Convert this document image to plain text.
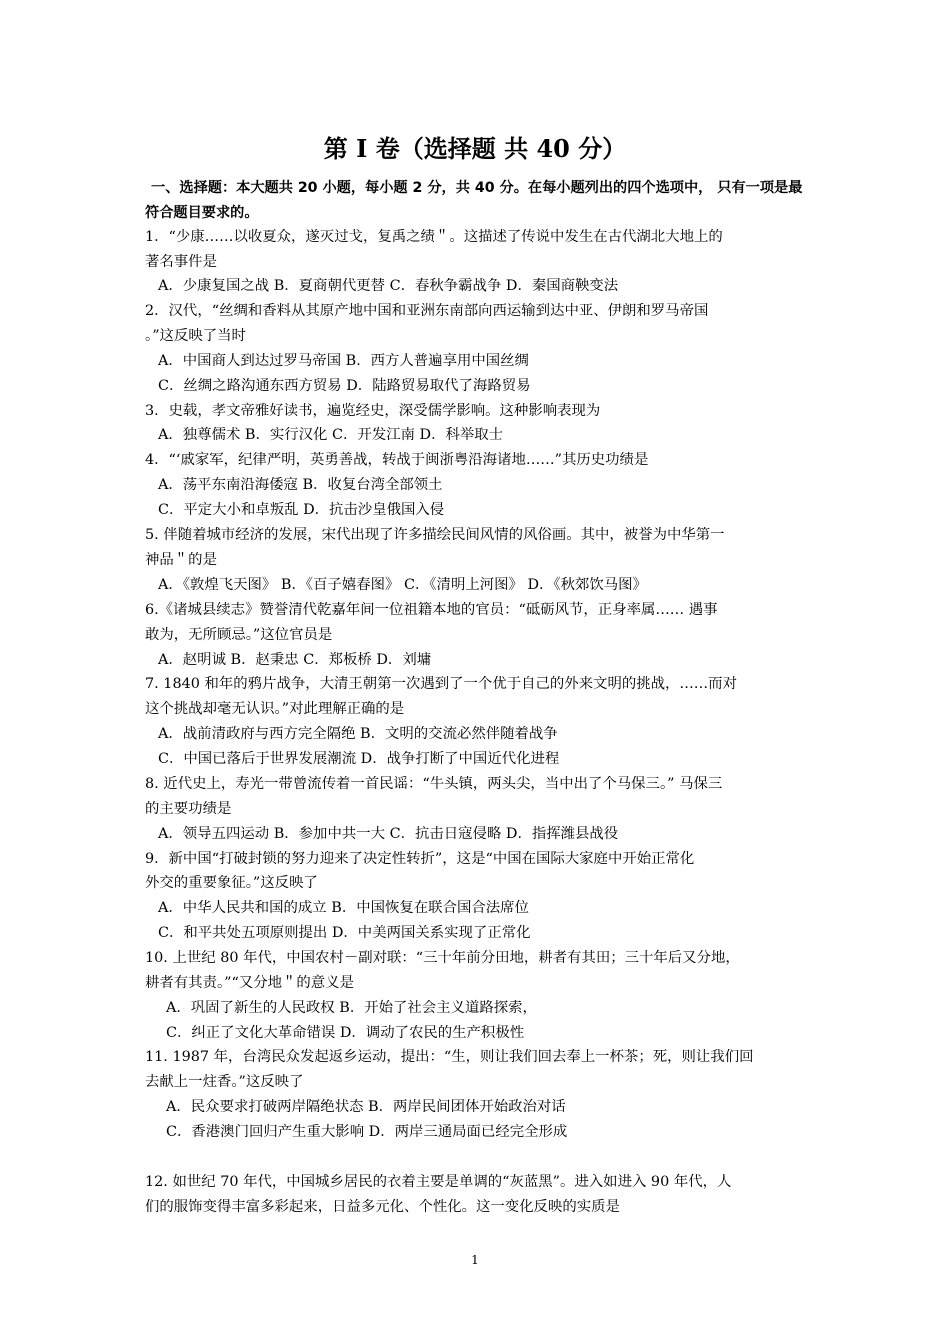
第 I 卷（选择题 共 40 分）
一、选择题：本大题共 20 小题，每小题 2 分，共 40 分。在每小题列出的四个选项中， 只有一项是最符合题目要求的。
1．“少康……以收夏众，遂灭过戈，复禹之绩＂。这描述了传说中发生在古代湖北大地上的
著名事件是
A．少康复国之战 B．夏商朝代更替 C．春秋争霸战争 D．秦国商鞅变法
2．汉代，“丝绸和香料从其原产地中国和亚洲东南部向西运输到达中亚、伊朗和罗马帝国
。”这反映了当时
A．中国商人到达过罗马帝国 B．西方人普遍享用中国丝绸
C．丝绸之路沟通东西方贸易 D．陆路贸易取代了海路贸易
3．史载，孝文帝雅好读书，遍览经史，深受儒学影响。这种影响表现为
A．独尊儒术 B．实行汉化 C．开发江南 D．科举取士
4．“‘戚家军，纪律严明，英勇善战，转战于闽浙粤沿海诸地……”其历史功绩是
A．荡平东南沿海倭寇 B．收复台湾全部领土
C．平定大小和卓叛乱 D．抗击沙皇俄国入侵
5. 伴随着城市经济的发展，宋代出现了许多描绘民间风情的风俗画。其中，被誉为中华第一
神品＂的是
A．《敦煌飞天图》 B．《百子嬉春图》 C．《清明上河图》 D．《秋郊饮马图》
6.《诸城县续志》赞誉清代乾嘉年间一位祖籍本地的官员：“砥砺风节，正身率属…… 遇事
敢为，无所顾忌。”这位官员是
A．赵明诚 B．赵秉忠 C．郑板桥 D．刘墉
7. 1840 和年的鸦片战争，大清王朝第一次遇到了一个优于自己的外来文明的挑战，……而对
这个挑战却毫无认识。”对此理解正确的是
A．战前清政府与西方完全隔绝 B．文明的交流必然伴随着战争
C．中国已落后于世界发展潮流 D．战争打断了中国近代化进程
8. 近代史上，寿光一带曾流传着一首民谣：“牛头镇，两头尖，当中出了个马保三。” 马保三
的主要功绩是
A．领导五四运动 B．参加中共一大 C．抗击日寇侵略 D．指挥潍县战役
9．新中国“打破封锁的努力迎来了决定性转折”，这是“中国在国际大家庭中开始正常化
外交的重要象征。”这反映了
A．中华人民共和国的成立 B．中国恢复在联合国合法席位
C．和平共处五项原则提出 D．中美两国关系实现了正常化
10. 上世纪 80 年代，中国农村－副对联：“三十年前分田地，耕者有其田；三十年后又分地，
耕者有其责。”“又分地＂的意义是
A．巩固了新生的人民政权 B．开始了社会主义道路探索，
C．纠正了文化大革命错误 D．调动了农民的生产积极性
11. 1987 年，台湾民众发起返乡运动，提出：“生，则让我们回去奉上一杯茶；死，则让我们回
去献上一炷香。”这反映了
A．民众要求打破两岸隔绝状态 B．两岸民间团体开始政治对话
C．香港澳门回归产生重大影响 D．两岸三通局面已经完全形成
12. 如世纪 70 年代，中国城乡居民的衣着主要是单调的“灰蓝黑”。进入如进入 90 年代，人
们的服饰变得丰富多彩起来，日益多元化、个性化。这一变化反映的实质是
1
